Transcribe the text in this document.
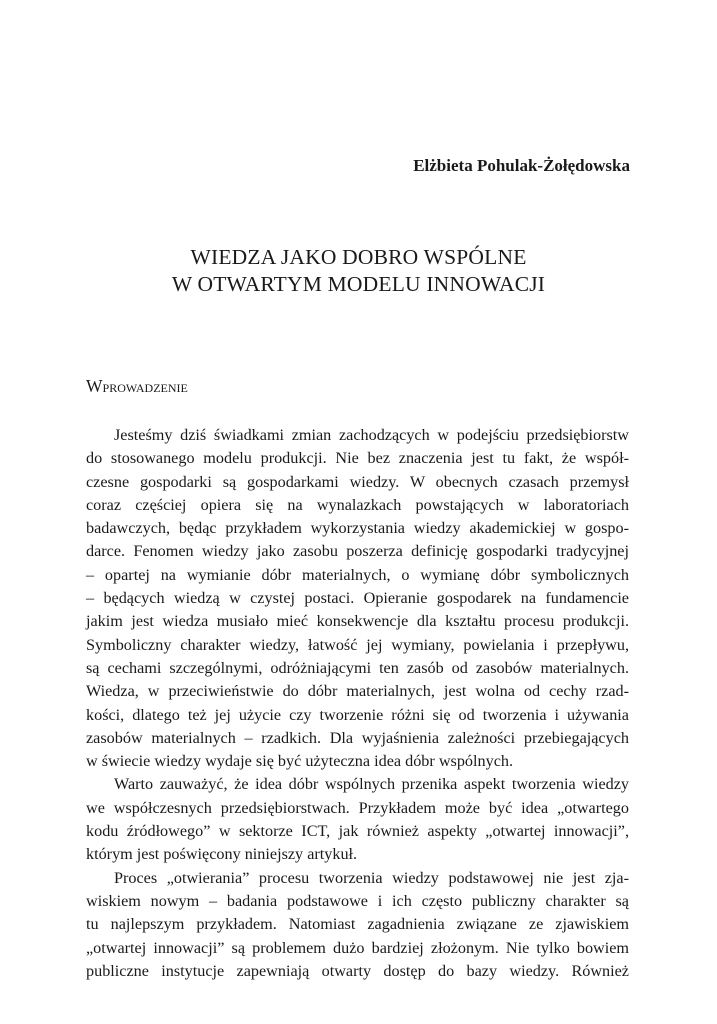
Elżbieta Pohulak-Żołędowska
WIEDZA JAKO DOBRO WSPÓLNE
W OTWARTYM MODELU INNOWACJI
Wprowadzenie

Jesteśmy dziś świadkami zmian zachodzących w podejściu przedsiębiorstw
do stosowanego modelu produkcji. Nie bez znaczenia jest tu fakt, że współ-
czesne gospodarki są gospodarkami wiedzy. W obecnych czasach przemysł
coraz częściej opiera się na wynalazkach powstających w laboratoriach
badawczych, będąc przykładem wykorzystania wiedzy akademickiej w gospo-
darce. Fenomen wiedzy jako zasobu poszerza definicję gospodarki tradycyjnej
– opartej na wymianie dóbr materialnych, o wymianę dóbr symbolicznych
– będących wiedzą w czystej postaci. Opieranie gospodarek na fundamencie
jakim jest wiedza musiało mieć konsekwencje dla kształtu procesu produkcji.
Symboliczny charakter wiedzy, łatwość jej wymiany, powielania i przepływu,
są cechami szczególnymi, odróżniającymi ten zasób od zasobów materialnych.
Wiedza, w przeciwieństwie do dóbr materialnych, jest wolna od cechy rzad-
kości, dlatego też jej użycie czy tworzenie różni się od tworzenia i używania
zasobów materialnych – rzadkich. Dla wyjaśnienia zależności przebiegających
w świecie wiedzy wydaje się być użyteczna idea dóbr wspólnych.

Warto zauważyć, że idea dóbr wspólnych przenika aspekt tworzenia wiedzy
we współczesnych przedsiębiorstwach. Przykładem może być idea „otwartego
kodu źródłowego” w sektorze ICT, jak również aspekty „otwartej innowacji”,
którym jest poświęcony niniejszy artykuł.

Proces „otwierania” procesu tworzenia wiedzy podstawowej nie jest zja-
wiskiem nowym – badania podstawowe i ich często publiczny charakter są
tu najlepszym przykładem. Natomiast zagadnienia związane ze zjawiskiem
„otwartej innowacji” są problemem dużo bardziej złożonym. Nie tylko bowiem
publiczne instytucje zapewniają otwarty dostęp do bazy wiedzy. Również
